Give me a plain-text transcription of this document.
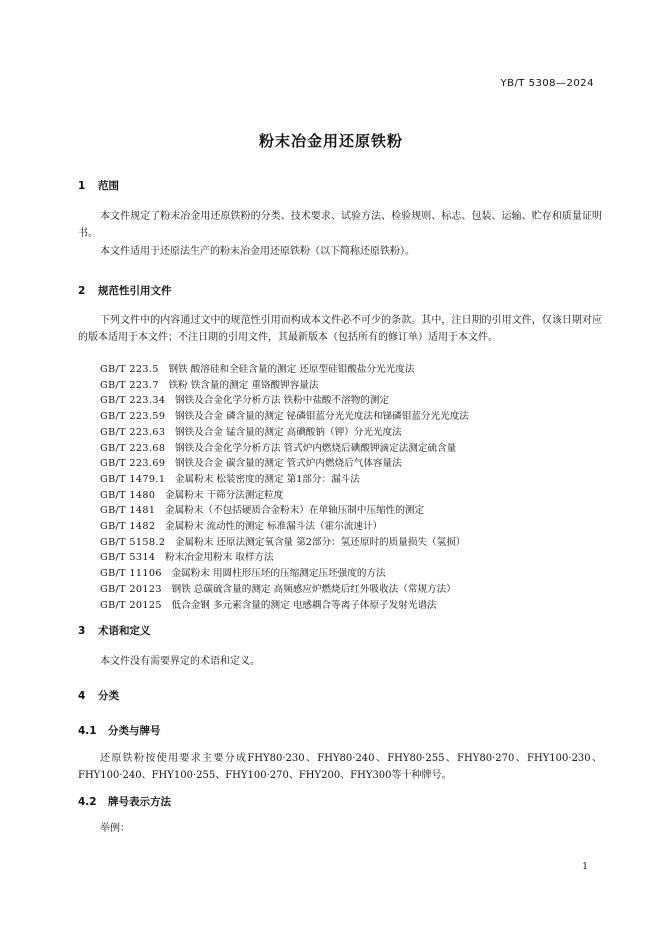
YB/T 5308—2024
粉末冶金用还原铁粉
1 范围

本文件规定了粉末冶金用还原铁粉的分类、技术要求、试验方法、检验规则、标志、包装、运输、贮存和质量证明书。

本文件适用于还原法生产的粉末冶金用还原铁粉（以下简称还原铁粉）。

2 规范性引用文件

下列文件中的内容通过文中的规范性引用而构成本文件必不可少的条款。其中，注日期的引用文件，仅该日期对应的版本适用于本文件；不注日期的引用文件，其最新版本（包括所有的修订单）适用于本文件。

GB/T 223.5  钢铁 酸溶硅和全硅含量的测定 还原型硅钼酸盐分光光度法
GB/T 223.7  铁粉 铁含量的测定 重铬酸钾容量法
GB/T 223.34  钢铁及合金化学分析方法 铁粉中盐酸不溶物的测定
GB/T 223.59  钢铁及合金 磷含量的测定 铋磷钼蓝分光光度法和锑磷钼蓝分光光度法
GB/T 223.63  钢铁及合金 锰含量的测定 高碘酸钠（钾）分光光度法
GB/T 223.68  钢铁及合金化学分析方法 管式炉内燃烧后碘酸钾滴定法测定硫含量
GB/T 223.69  钢铁及合金 碳含量的测定 管式炉内燃烧后气体容量法
GB/T 1479.1  金属粉末 松装密度的测定 第1部分：漏斗法
GB/T 1480  金属粉末 干筛分法测定粒度
GB/T 1481  金属粉末（不包括硬质合金粉末）在单轴压制中压缩性的测定
GB/T 1482  金属粉末 流动性的测定 标准漏斗法（霍尔流速计）
GB/T 5158.2  金属粉末 还原法测定氧含量 第2部分：氢还原时的质量损失（氢损）
GB/T 5314  粉末冶金用粉末 取样方法
GB/T 11106  金属粉末 用圆柱形压坯的压缩测定压坯强度的方法
GB/T 20123  钢铁 总碳硫含量的测定 高频感应炉燃烧后红外吸收法（常规方法）
GB/T 20125  低合金钢 多元素含量的测定 电感耦合等离子体原子发射光谱法
3 术语和定义

本文件没有需要界定的术语和定义。

4 分类
4.1 分类与牌号

还原铁粉按使用要求主要分成FHY80·230、FHY80·240、FHY80·255、FHY80·270、FHY100·230、FHY100·240、FHY100·255、FHY100·270、FHY200、FHY300等十种牌号。

4.2 牌号表示方法

举例：

1
